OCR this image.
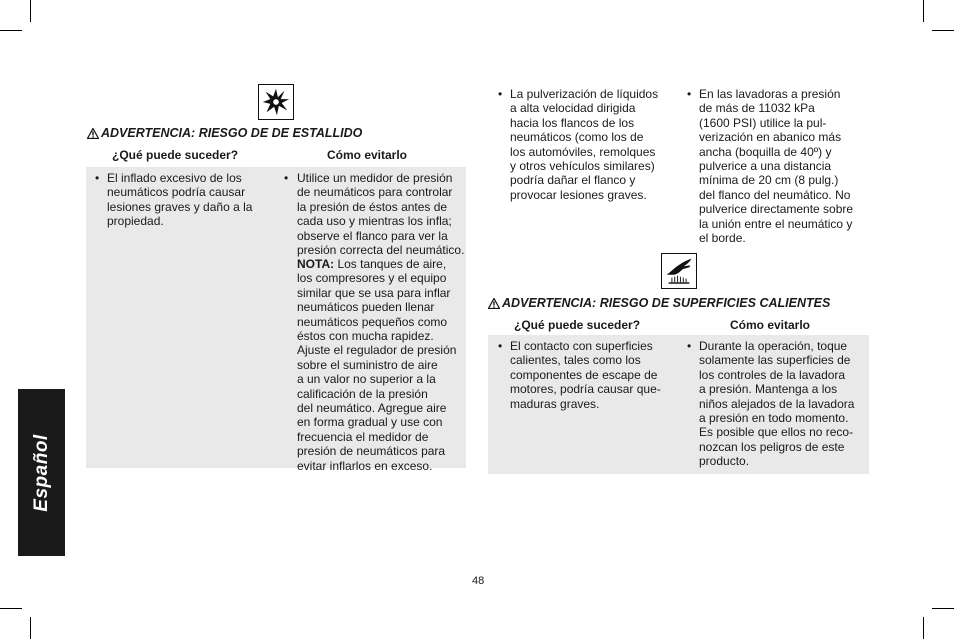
Español
ADVERTENCIA: RIESGO DE DE ESTALLIDO
¿Qué puede suceder?	Cómo evitarlo
• El inflado excesivo de los
neumáticos podría causar
lesiones graves y daño a la
propiedad.
• Utilice un medidor de presión
de neumáticos para controlar
la presión de éstos antes de
cada uso y mientras los infla;
observe el flanco para ver la
presión correcta del neumático.
NOTA: Los tanques de aire,
los compresores y el equipo
similar que se usa para inflar
neumáticos pueden llenar
neumáticos pequeños como
éstos con mucha rapidez.
Ajuste el regulador de presión
sobre el suministro de aire
a un valor no superior a la
calificación de la presión
del neumático. Agregue aire
en forma gradual y use con
frecuencia el medidor de
presión de neumáticos para
evitar inflarlos en exceso.
• La pulverización de líquidos
a alta velocidad dirigida
hacia los flancos de los
neumáticos (como los de
los automóviles, remolques
y otros vehículos similares)
podría dañar el flanco y
provocar lesiones graves.
• En las lavadoras a presión
de más de 11032 kPa
(1600 PSI) utilice la pul-
verización en abanico más
ancha (boquilla de 40º) y
pulverice a una distancia
mínima de 20 cm (8 pulg.)
del flanco del neumático. No
pulverice directamente sobre
la unión entre el neumático y
el borde.
ADVERTENCIA: RIESGO DE SUPERFICIES CALIENTES
¿Qué puede suceder?	Cómo evitarlo
• El contacto con superficies
calientes, tales como los
componentes de escape de
motores, podría causar que-
maduras graves.
• Durante la operación, toque
solamente las superficies de
los controles de la lavadora
a presión. Mantenga a los
niños alejados de la lavadora
a presión en todo momento.
Es posible que ellos no reco-
nozcan los peligros de este
producto.
48
